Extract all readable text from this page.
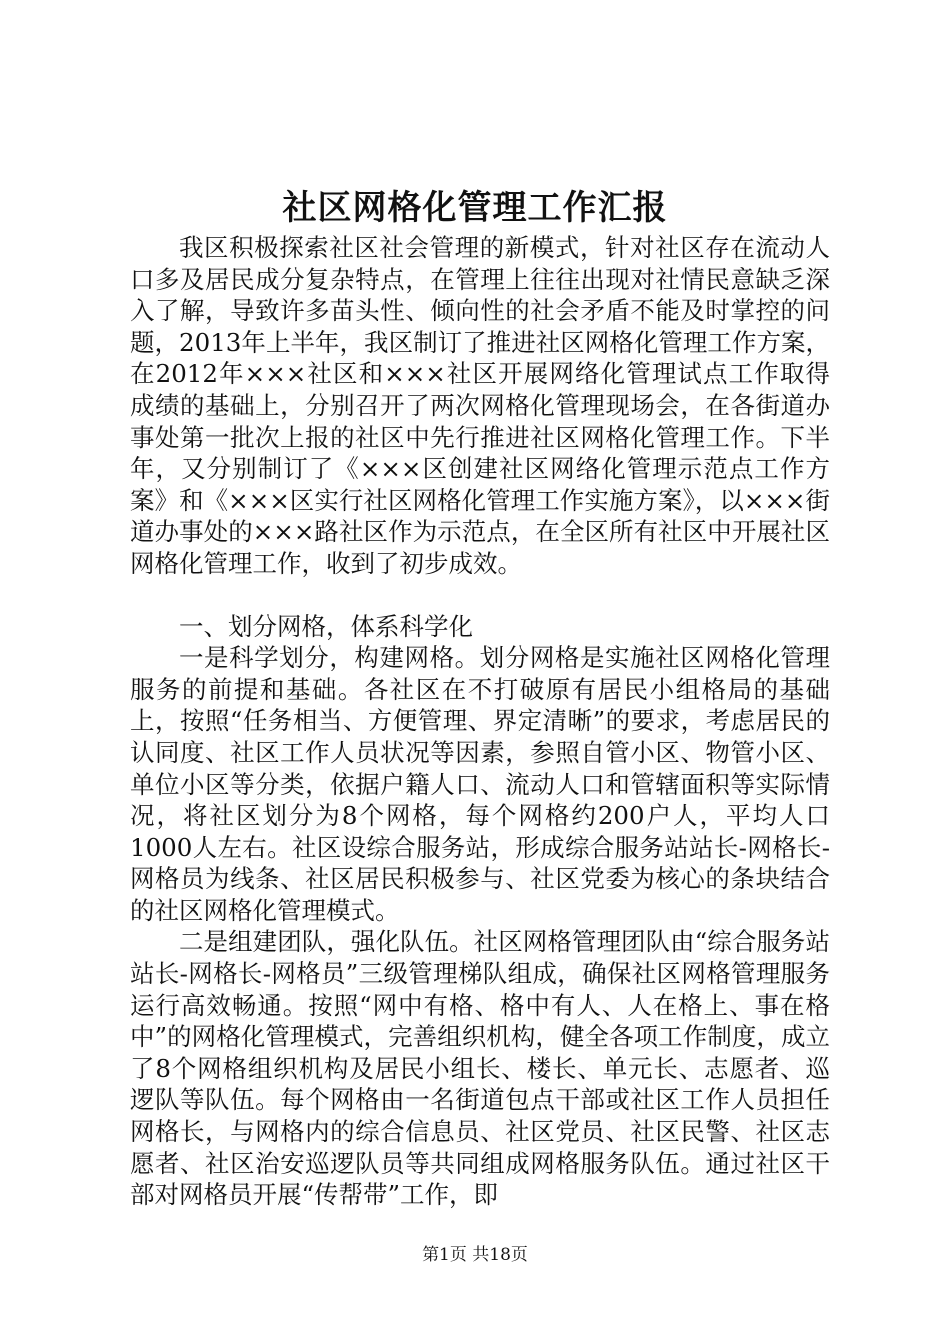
社区网格化管理工作汇报

我区积极探索社区社会管理的新模式，针对社区存在流动人口多及居民成分复杂特点，在管理上往往出现对社情民意缺乏深入了解，导致许多苗头性、倾向性的社会矛盾不能及时掌控的问题，2013年上半年，我区制订了推进社区网格化管理工作方案，在2012年×××社区和×××社区开展网络化管理试点工作取得成绩的基础上，分别召开了两次网格化管理现场会，在各街道办事处第一批次上报的社区中先行推进社区网格化管理工作。下半年，又分别制订了《×××区创建社区网络化管理示范点工作方案》和《×××区实行社区网格化管理工作实施方案》，以×××街道办事处的×××路社区作为示范点，在全区所有社区中开展社区网格化管理工作，收到了初步成效。

一、划分网格，体系科学化

一是科学划分，构建网格。划分网格是实施社区网格化管理服务的前提和基础。各社区在不打破原有居民小组格局的基础上，按照“任务相当、方便管理、界定清晰”的要求，考虑居民的认同度、社区工作人员状况等因素，参照自管小区、物管小区、单位小区等分类，依据户籍人口、流动人口和管辖面积等实际情况，将社区划分为8个网格，每个网格约200户人，平均人口1000人左右。社区设综合服务站，形成综合服务站站长-网格长-网格员为线条、社区居民积极参与、社区党委为核心的条块结合的社区网格化管理模式。

二是组建团队，强化队伍。社区网格管理团队由“综合服务站站长-网格长-网格员”三级管理梯队组成，确保社区网格管理服务运行高效畅通。按照“网中有格、格中有人、人在格上、事在格中”的网格化管理模式，完善组织机构，健全各项工作制度，成立了8个网格组织机构及居民小组长、楼长、单元长、志愿者、巡逻队等队伍。每个网格由一名街道包点干部或社区工作人员担任网格长，与网格内的综合信息员、社区党员、社区民警、社区志愿者、社区治安巡逻队员等共同组成网格服务队伍。通过社区干部对网格员开展“传帮带”工作，即

第1页 共18页
